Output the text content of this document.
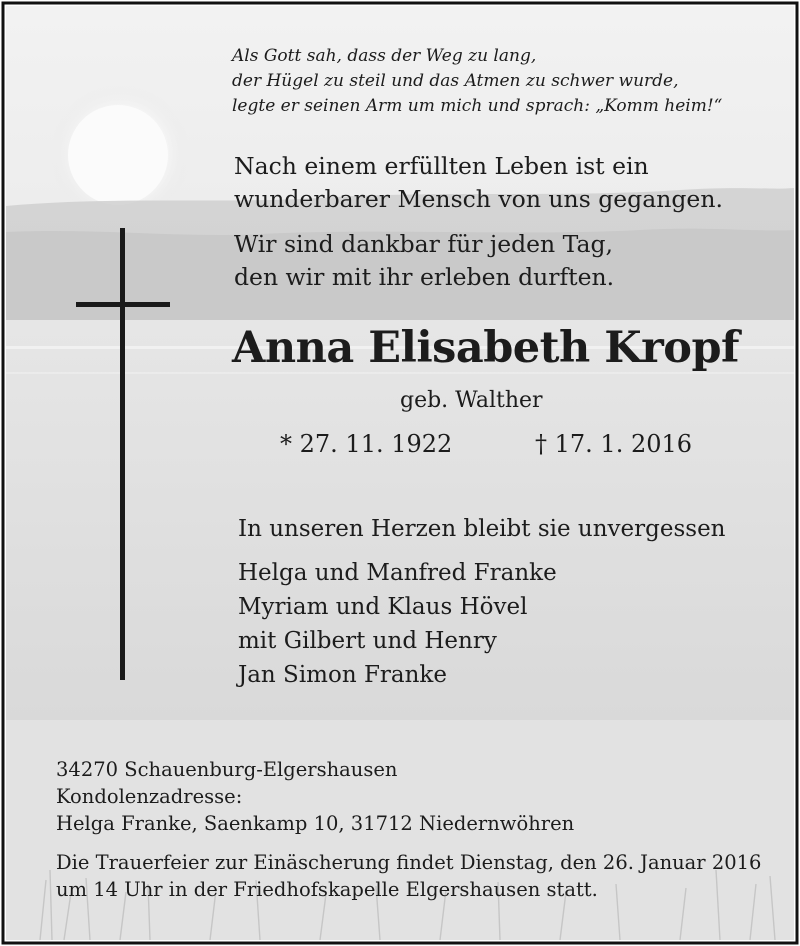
Als Gott sah, dass der Weg zu lang,
der Hügel zu steil und das Atmen zu schwer wurde,
legte er seinen Arm um mich und sprach: „Komm heim!“
Nach einem erfüllten Leben ist ein
wunderbarer Mensch von uns gegangen.
Wir sind dankbar für jeden Tag,
den wir mit ihr erleben durften.
Anna Elisabeth Kropf
geb. Walther
* 27. 11. 1922	† 17. 1. 2016
In unseren Herzen bleibt sie unvergessen
Helga und Manfred Franke
Myriam und Klaus Hövel
mit Gilbert und Henry
Jan Simon Franke
34270 Schauenburg-Elgershausen
Kondolenzadresse:
Helga Franke, Saenkamp 10, 31712 Niedernwöhren
Die Trauerfeier zur Einäscherung findet Dienstag, den 26. Januar 2016
um 14 Uhr in der Friedhofskapelle Elgershausen statt.
